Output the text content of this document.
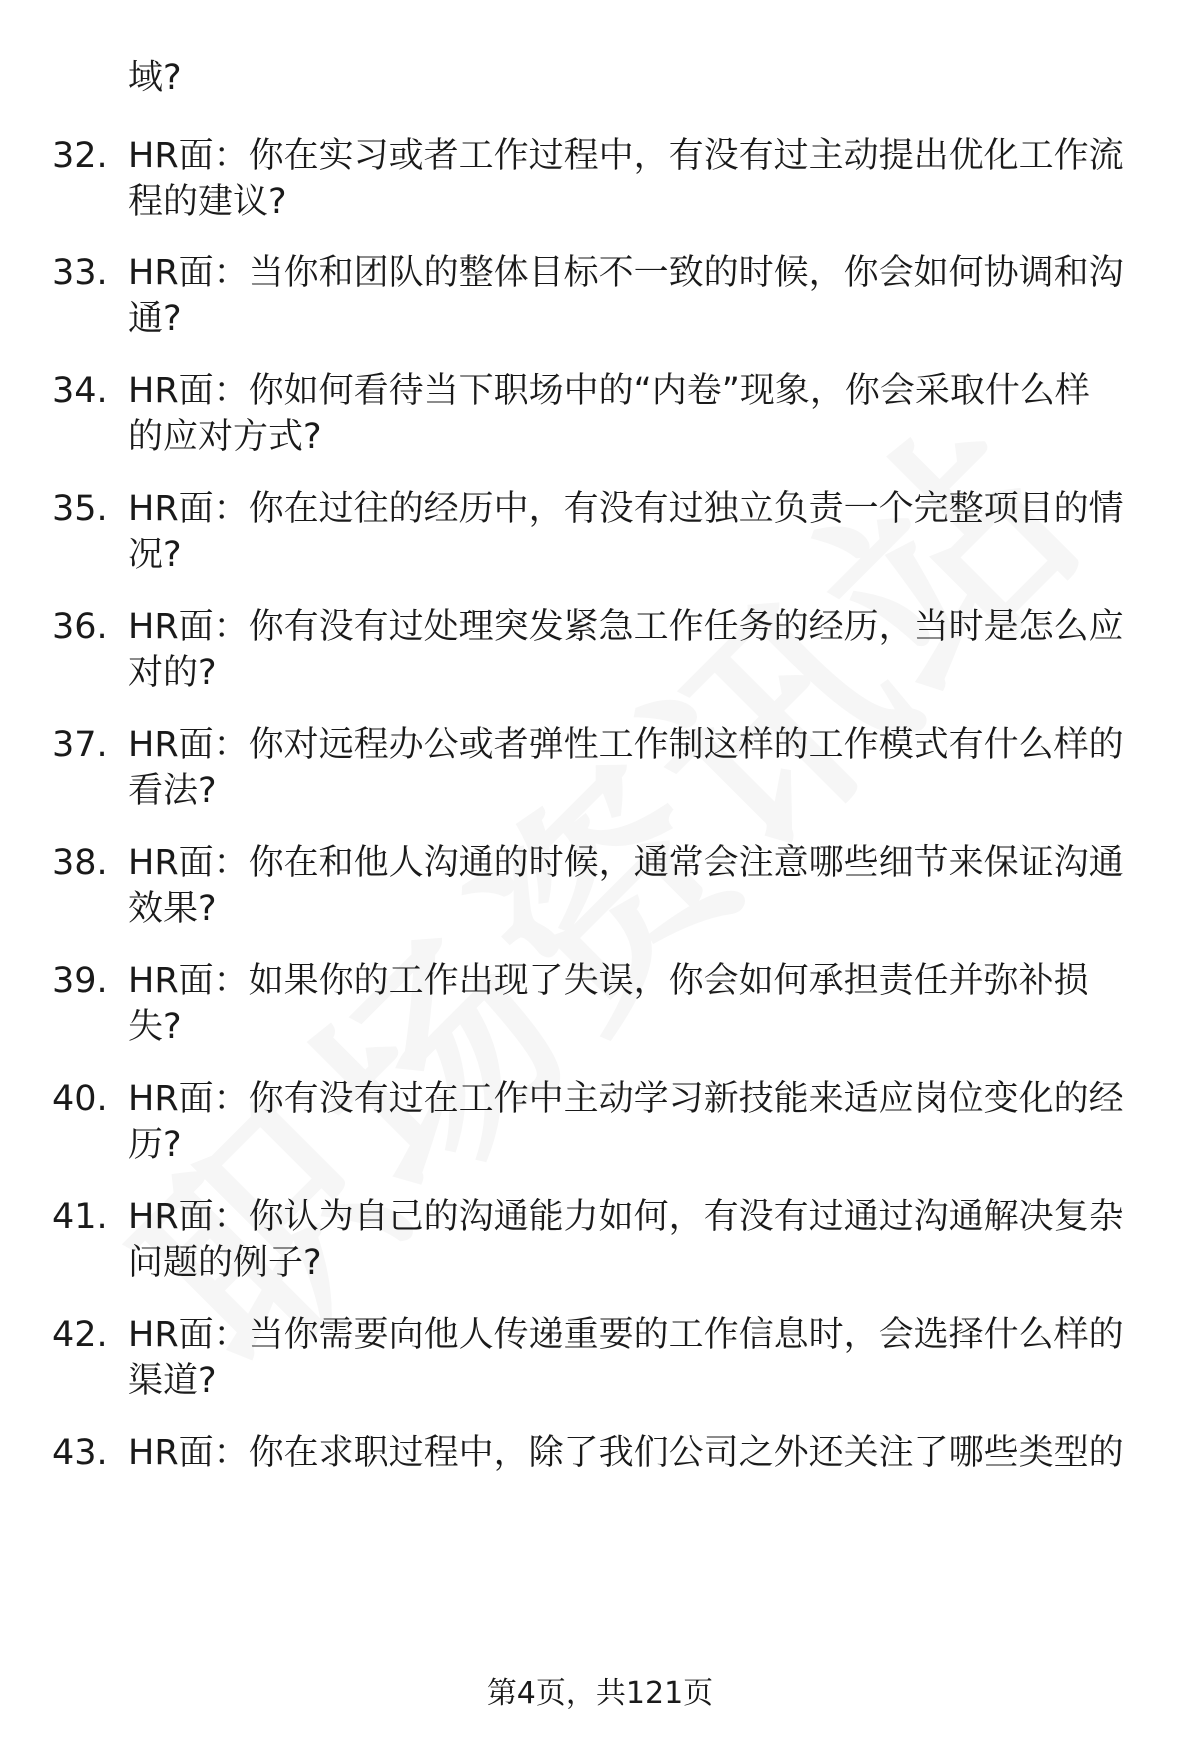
域?
32. HR面：你在实习或者工作过程中，有没有过主动提出优化工作流
程的建议?
33. HR面：当你和团队的整体目标不一致的时候，你会如何协调和沟
通?
34. HR面：你如何看待当下职场中的“内卷”现象，你会采取什么样
的应对方式?
35. HR面：你在过往的经历中，有没有过独立负责一个完整项目的情
况?
36. HR面：你有没有过处理突发紧急工作任务的经历，当时是怎么应
对的?
37. HR面：你对远程办公或者弹性工作制这样的工作模式有什么样的
看法?
38. HR面：你在和他人沟通的时候，通常会注意哪些细节来保证沟通
效果?
39. HR面：如果你的工作出现了失误，你会如何承担责任并弥补损
失?
40. HR面：你有没有过在工作中主动学习新技能来适应岗位变化的经
历?
41. HR面：你认为自己的沟通能力如何，有没有过通过沟通解决复杂
问题的例子?
42. HR面：当你需要向他人传递重要的工作信息时，会选择什么样的
渠道?
43. HR面：你在求职过程中，除了我们公司之外还关注了哪些类型的
第4页，共121页
